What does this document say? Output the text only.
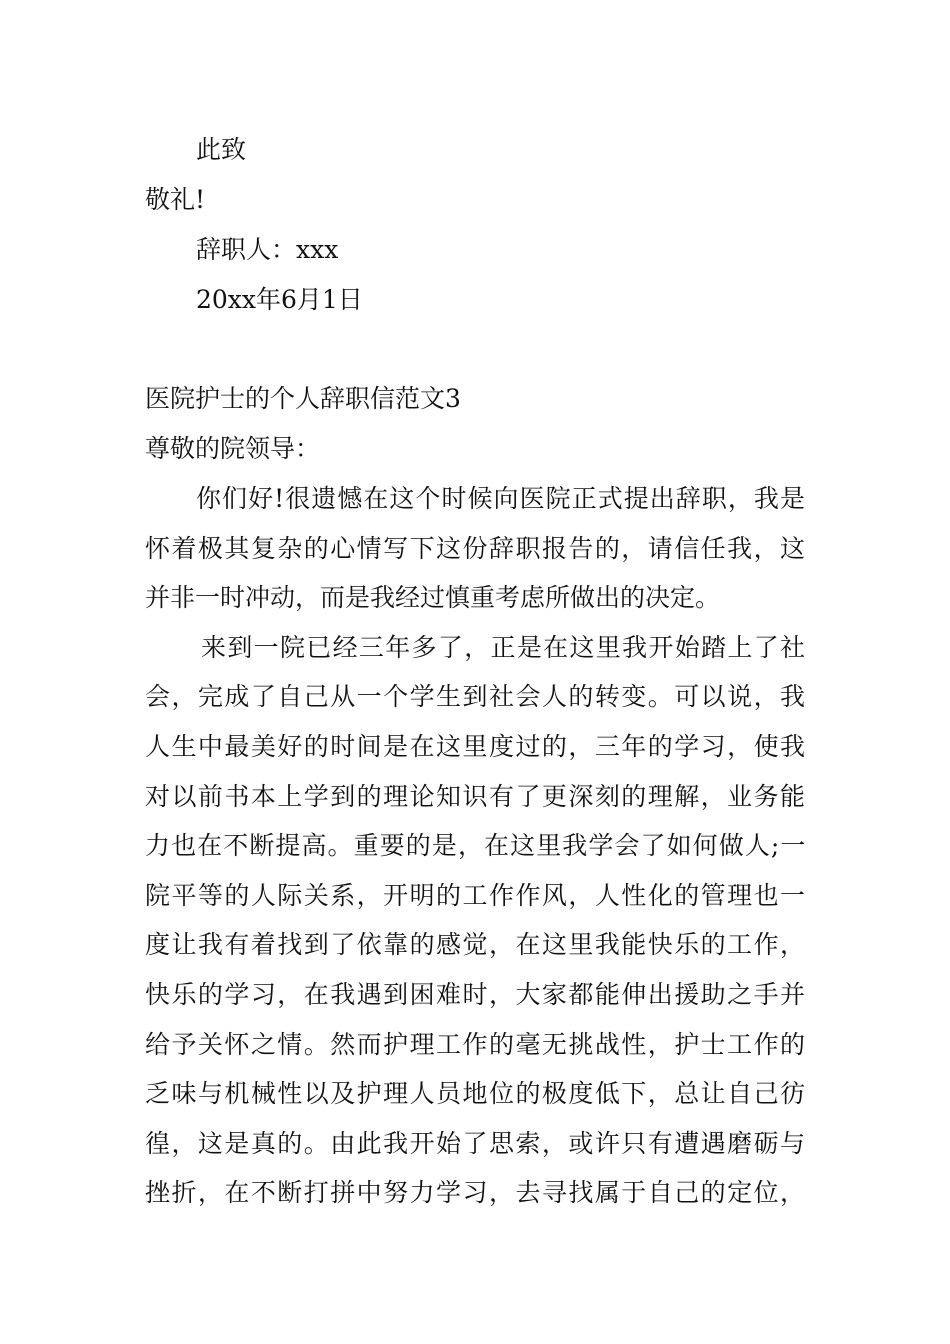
此致
敬礼!
辞职人：xxx
20xx年6月1日
医院护士的个人辞职信范文3
尊敬的院领导：
你们好!很遗憾在这个时候向医院正式提出辞职，我是
怀着极其复杂的心情写下这份辞职报告的，请信任我，这
并非一时冲动，而是我经过慎重考虑所做出的决定。
来到一院已经三年多了，正是在这里我开始踏上了社
会，完成了自己从一个学生到社会人的转变。可以说，我
人生中最美好的时间是在这里度过的，三年的学习，使我
对以前书本上学到的理论知识有了更深刻的理解，业务能
力也在不断提高。重要的是，在这里我学会了如何做人;一
院平等的人际关系，开明的工作作风，人性化的管理也一
度让我有着找到了依靠的感觉，在这里我能快乐的工作，
快乐的学习，在我遇到困难时，大家都能伸出援助之手并
给予关怀之情。然而护理工作的毫无挑战性，护士工作的
乏味与机械性以及护理人员地位的极度低下，总让自己彷
徨，这是真的。由此我开始了思索，或许只有遭遇磨砺与
挫折，在不断打拼中努力学习，去寻找属于自己的定位，
